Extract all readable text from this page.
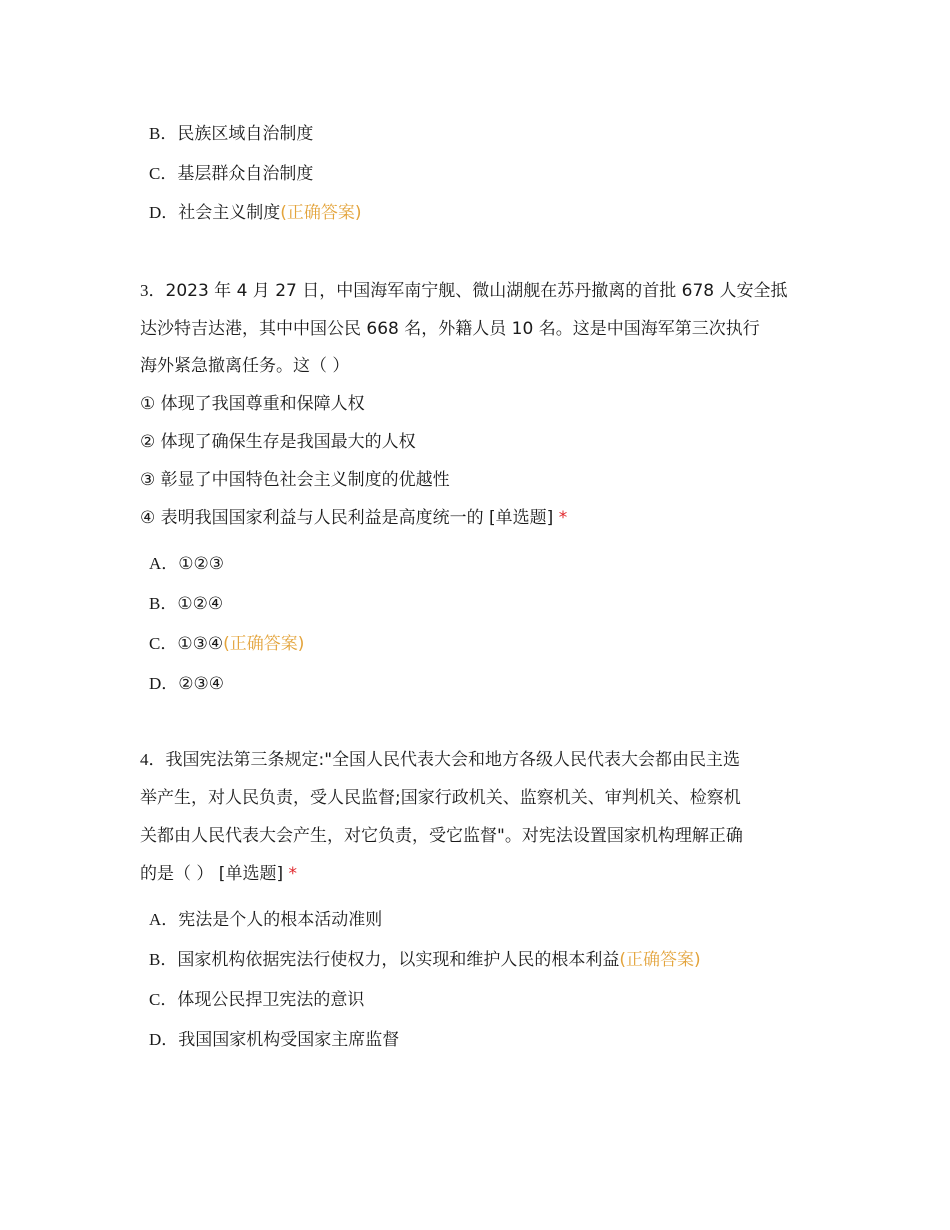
B．民族区域自治制度
C．基层群众自治制度
D．社会主义制度(正确答案)
3．2023 年 4 月 27 日，中国海军南宁舰、微山湖舰在苏丹撤离的首批 678 人安全抵
达沙特吉达港，其中中国公民 668 名，外籍人员 10 名。这是中国海军第三次执行
海外紧急撤离任务。这（ ）
① 体现了我国尊重和保障人权
② 体现了确保生存是我国最大的人权
③ 彰显了中国特色社会主义制度的优越性
④ 表明我国国家利益与人民利益是高度统一的 [单选题] *
A．①②③
B．①②④
C．①③④(正确答案)
D．②③④
4．我国宪法第三条规定:"全国人民代表大会和地方各级人民代表大会都由民主选
举产生，对人民负责，受人民监督;国家行政机关、监察机关、审判机关、检察机
关都由人民代表大会产生，对它负责，受它监督"。对宪法设置国家机构理解正确
的是（ ） [单选题] *
A．宪法是个人的根本活动准则
B．国家机构依据宪法行使权力，以实现和维护人民的根本利益(正确答案)
C．体现公民捍卫宪法的意识
D．我国国家机构受国家主席监督
